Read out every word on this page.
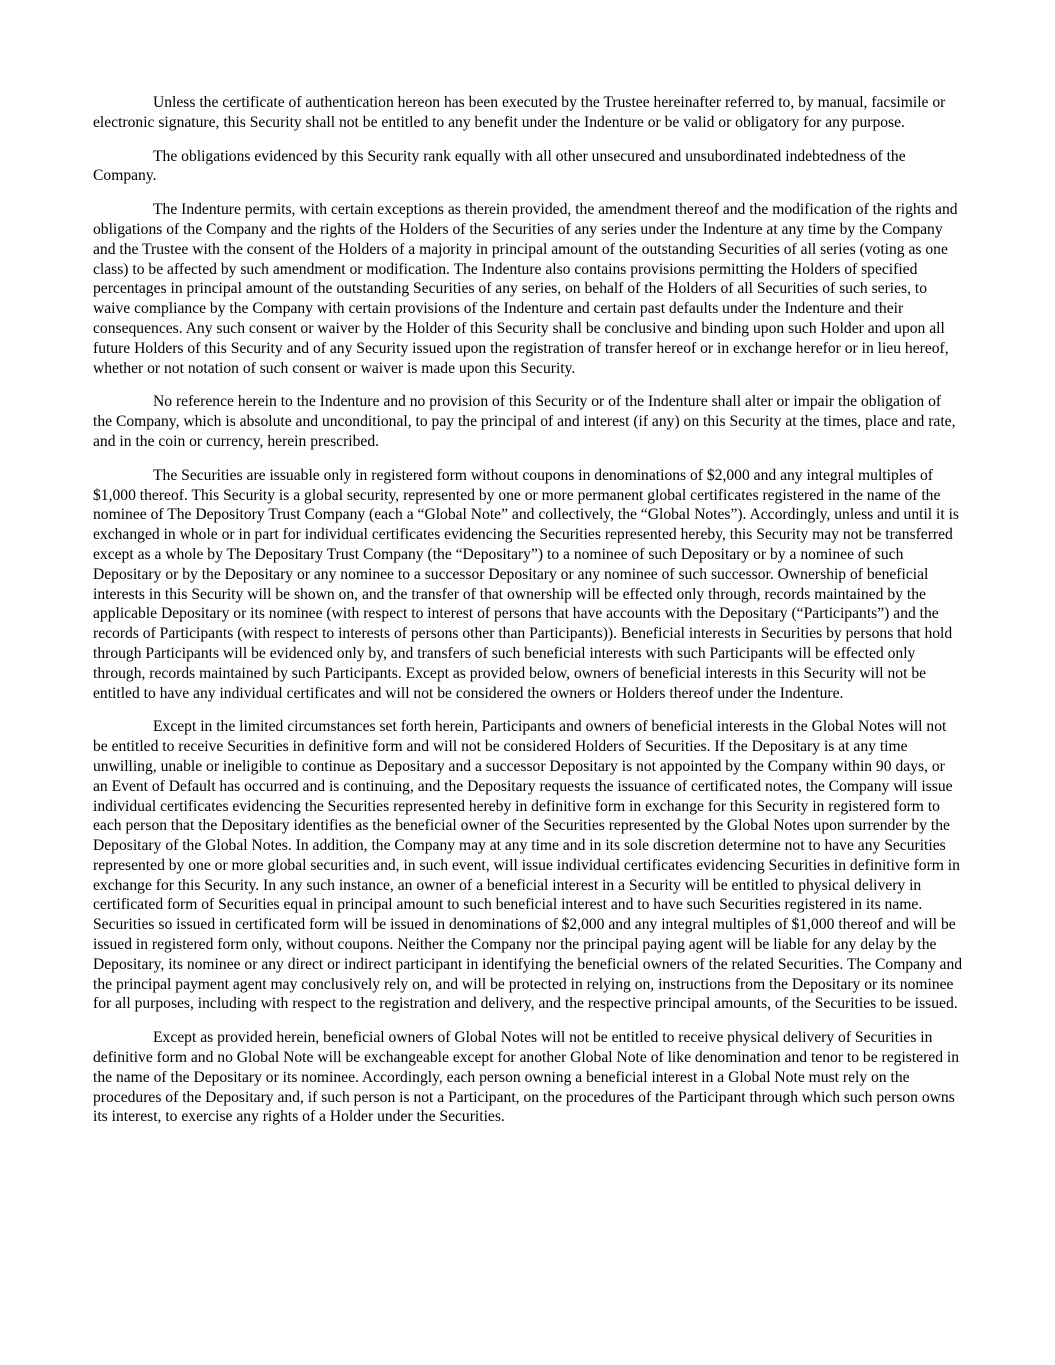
Unless the certificate of authentication hereon has been executed by the Trustee hereinafter referred to, by manual, facsimile or electronic signature, this Security shall not be entitled to any benefit under the Indenture or be valid or obligatory for any purpose.

The obligations evidenced by this Security rank equally with all other unsecured and unsubordinated indebtedness of the Company.

The Indenture permits, with certain exceptions as therein provided, the amendment thereof and the modification of the rights and obligations of the Company and the rights of the Holders of the Securities of any series under the Indenture at any time by the Company and the Trustee with the consent of the Holders of a majority in principal amount of the outstanding Securities of all series (voting as one class) to be affected by such amendment or modification. The Indenture also contains provisions permitting the Holders of specified percentages in principal amount of the outstanding Securities of any series, on behalf of the Holders of all Securities of such series, to waive compliance by the Company with certain provisions of the Indenture and certain past defaults under the Indenture and their consequences. Any such consent or waiver by the Holder of this Security shall be conclusive and binding upon such Holder and upon all future Holders of this Security and of any Security issued upon the registration of transfer hereof or in exchange herefor or in lieu hereof, whether or not notation of such consent or waiver is made upon this Security.

No reference herein to the Indenture and no provision of this Security or of the Indenture shall alter or impair the obligation of the Company, which is absolute and unconditional, to pay the principal of and interest (if any) on this Security at the times, place and rate, and in the coin or currency, herein prescribed.

The Securities are issuable only in registered form without coupons in denominations of $2,000 and any integral multiples of $1,000 thereof. This Security is a global security, represented by one or more permanent global certificates registered in the name of the nominee of The Depository Trust Company (each a “Global Note” and collectively, the “Global Notes”). Accordingly, unless and until it is exchanged in whole or in part for individual certificates evidencing the Securities represented hereby, this Security may not be transferred except as a whole by The Depositary Trust Company (the “Depositary”) to a nominee of such Depositary or by a nominee of such Depositary or by the Depositary or any nominee to a successor Depositary or any nominee of such successor. Ownership of beneficial interests in this Security will be shown on, and the transfer of that ownership will be effected only through, records maintained by the applicable Depositary or its nominee (with respect to interest of persons that have accounts with the Depositary (“Participants”) and the records of Participants (with respect to interests of persons other than Participants)). Beneficial interests in Securities by persons that hold through Participants will be evidenced only by, and transfers of such beneficial interests with such Participants will be effected only through, records maintained by such Participants. Except as provided below, owners of beneficial interests in this Security will not be entitled to have any individual certificates and will not be considered the owners or Holders thereof under the Indenture.

Except in the limited circumstances set forth herein, Participants and owners of beneficial interests in the Global Notes will not be entitled to receive Securities in definitive form and will not be considered Holders of Securities. If the Depositary is at any time unwilling, unable or ineligible to continue as Depositary and a successor Depositary is not appointed by the Company within 90 days, or an Event of Default has occurred and is continuing, and the Depositary requests the issuance of certificated notes, the Company will issue individual certificates evidencing the Securities represented hereby in definitive form in exchange for this Security in registered form to each person that the Depositary identifies as the beneficial owner of the Securities represented by the Global Notes upon surrender by the Depositary of the Global Notes. In addition, the Company may at any time and in its sole discretion determine not to have any Securities represented by one or more global securities and, in such event, will issue individual certificates evidencing Securities in definitive form in exchange for this Security. In any such instance, an owner of a beneficial interest in a Security will be entitled to physical delivery in certificated form of Securities equal in principal amount to such beneficial interest and to have such Securities registered in its name. Securities so issued in certificated form will be issued in denominations of $2,000 and any integral multiples of $1,000 thereof and will be issued in registered form only, without coupons. Neither the Company nor the principal paying agent will be liable for any delay by the Depositary, its nominee or any direct or indirect participant in identifying the beneficial owners of the related Securities. The Company and the principal payment agent may conclusively rely on, and will be protected in relying on, instructions from the Depositary or its nominee for all purposes, including with respect to the registration and delivery, and the respective principal amounts, of the Securities to be issued.

Except as provided herein, beneficial owners of Global Notes will not be entitled to receive physical delivery of Securities in definitive form and no Global Note will be exchangeable except for another Global Note of like denomination and tenor to be registered in the name of the Depositary or its nominee. Accordingly, each person owning a beneficial interest in a Global Note must rely on the procedures of the Depositary and, if such person is not a Participant, on the procedures of the Participant through which such person owns its interest, to exercise any rights of a Holder under the Securities.
